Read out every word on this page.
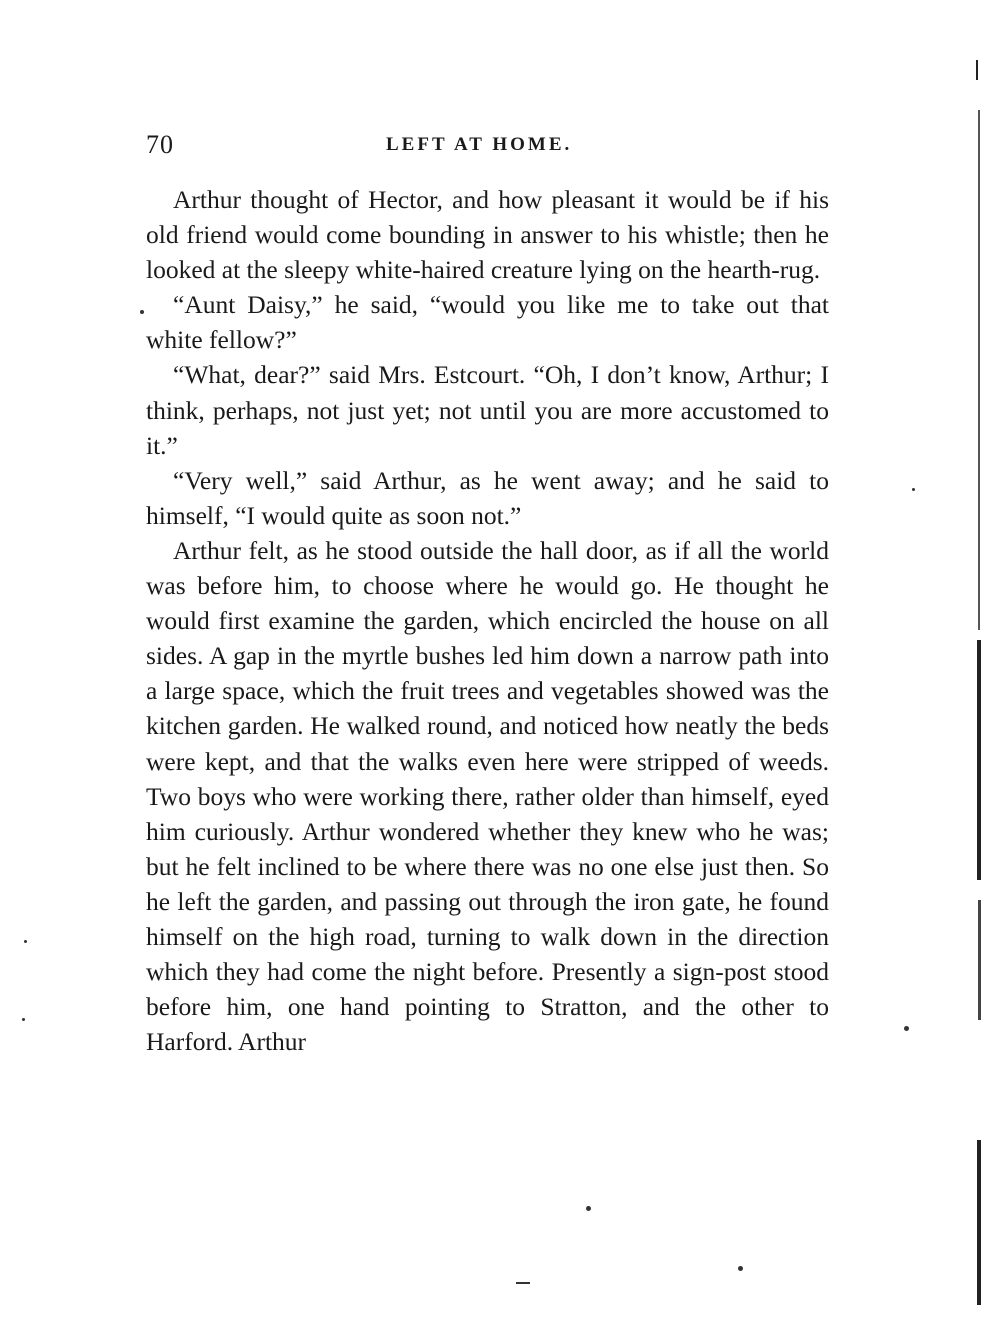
70	LEFT AT HOME.

Arthur thought of Hector, and how pleasant it would be if his old friend would come bounding in answer to his whistle; then he looked at the sleepy white-haired creature lying on the hearth-rug.

“Aunt Daisy,” he said, “would you like me to take out that white fellow?”

“What, dear?” said Mrs. Estcourt. “Oh, I don’t know, Arthur; I think, perhaps, not just yet; not until you are more accustomed to it.”

“Very well,” said Arthur, as he went away; and he said to himself, “I would quite as soon not.”

Arthur felt, as he stood outside the hall door, as if all the world was before him, to choose where he would go. He thought he would first examine the garden, which encircled the house on all sides. A gap in the myrtle bushes led him down a narrow path into a large space, which the fruit trees and vegetables showed was the kitchen garden. He walked round, and noticed how neatly the beds were kept, and that the walks even here were stripped of weeds. Two boys who were working there, rather older than himself, eyed him curiously. Arthur wondered whether they knew who he was; but he felt inclined to be where there was no one else just then. So he left the garden, and passing out through the iron gate, he found himself on the high road, turning to walk down in the direction which they had come the night before. Presently a sign-post stood before him, one hand pointing to Stratton, and the other to Harford. Arthur
